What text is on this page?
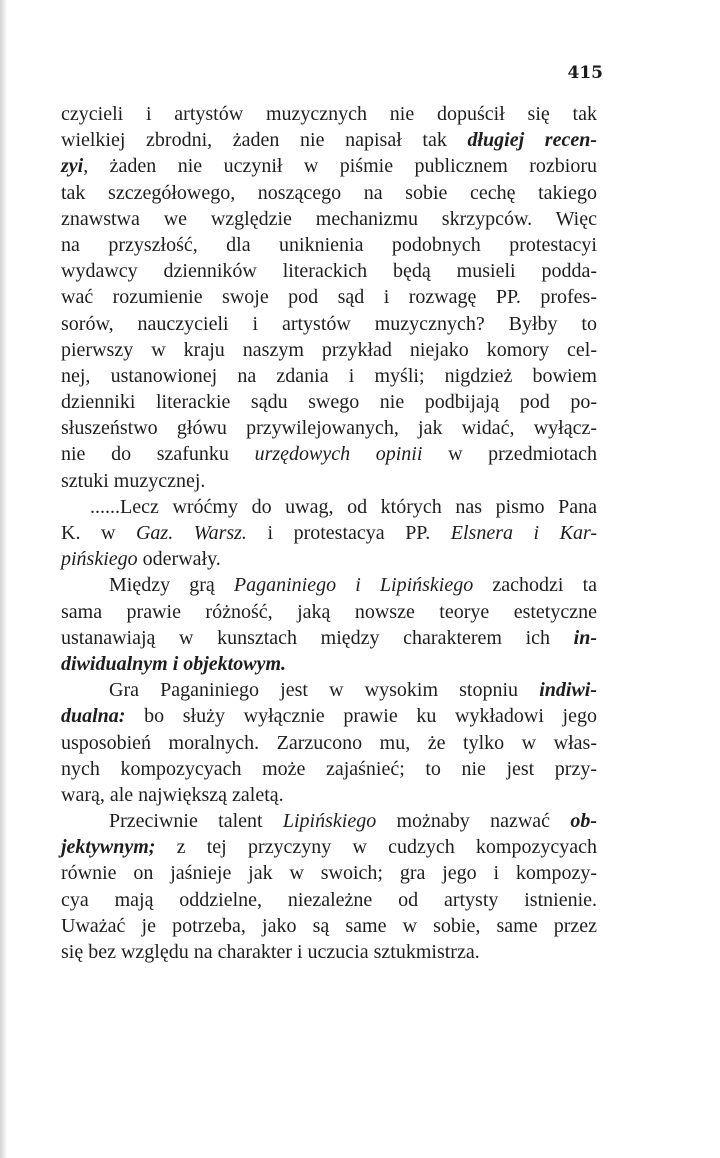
415
czycieli i artystów muzycznych nie dopuścił się tak
wielkiej zbrodni, żaden nie napisał tak długiej recen-
zyi, żaden nie uczynił w piśmie publicznem rozbioru
tak szczegółowego, noszącego na sobie cechę takiego
znawstwa we względzie mechanizmu skrzypców. Więc
na przyszłość, dla uniknienia podobnych protestacyi
wydawcy dzienników literackich będą musieli podda-
wać rozumienie swoje pod sąd i rozwagę PP. profes-
sorów, nauczycieli i artystów muzycznych? Byłby to
pierwszy w kraju naszym przykład niejako komory cel-
nej, ustanowionej na zdania i myśli; nigdzież bowiem
dzienniki literackie sądu swego nie podbijają pod po-
słuszeństwo główu przywilejowanych, jak widać, wyłącz-
nie do szafunku urzędowych opinii w przedmiotach
sztuki muzycznej.
......Lecz wróćmy do uwag, od których nas pismo Pana
K. w Gaz. Warsz. i protestacya PP. Elsnera i Kar-
pińskiego oderwały.
Między grą Paganiniego i Lipińskiego zachodzi ta
sama prawie różność, jaką nowsze teorye estetyczne
ustanawiają w kunsztach między charakterem ich in-
diwidualnym i objektowym.
Gra Paganiniego jest w wysokim stopniu indiwi-
dualna: bo służy wyłącznie prawie ku wykładowi jego
usposobień moralnych. Zarzucono mu, że tylko w włas-
nych kompozycyach może zajaśnieć; to nie jest przy-
warą, ale największą zaletą.
Przeciwnie talent Lipińskiego możnaby nazwać ob-
jektywnym; z tej przyczyny w cudzych kompozycyach
równie on jaśnieje jak w swoich; gra jego i kompozy-
cya mają oddzielne, niezależne od artysty istnienie.
Uważać je potrzeba, jako są same w sobie, same przez
się bez względu na charakter i uczucia sztukmistrza.
